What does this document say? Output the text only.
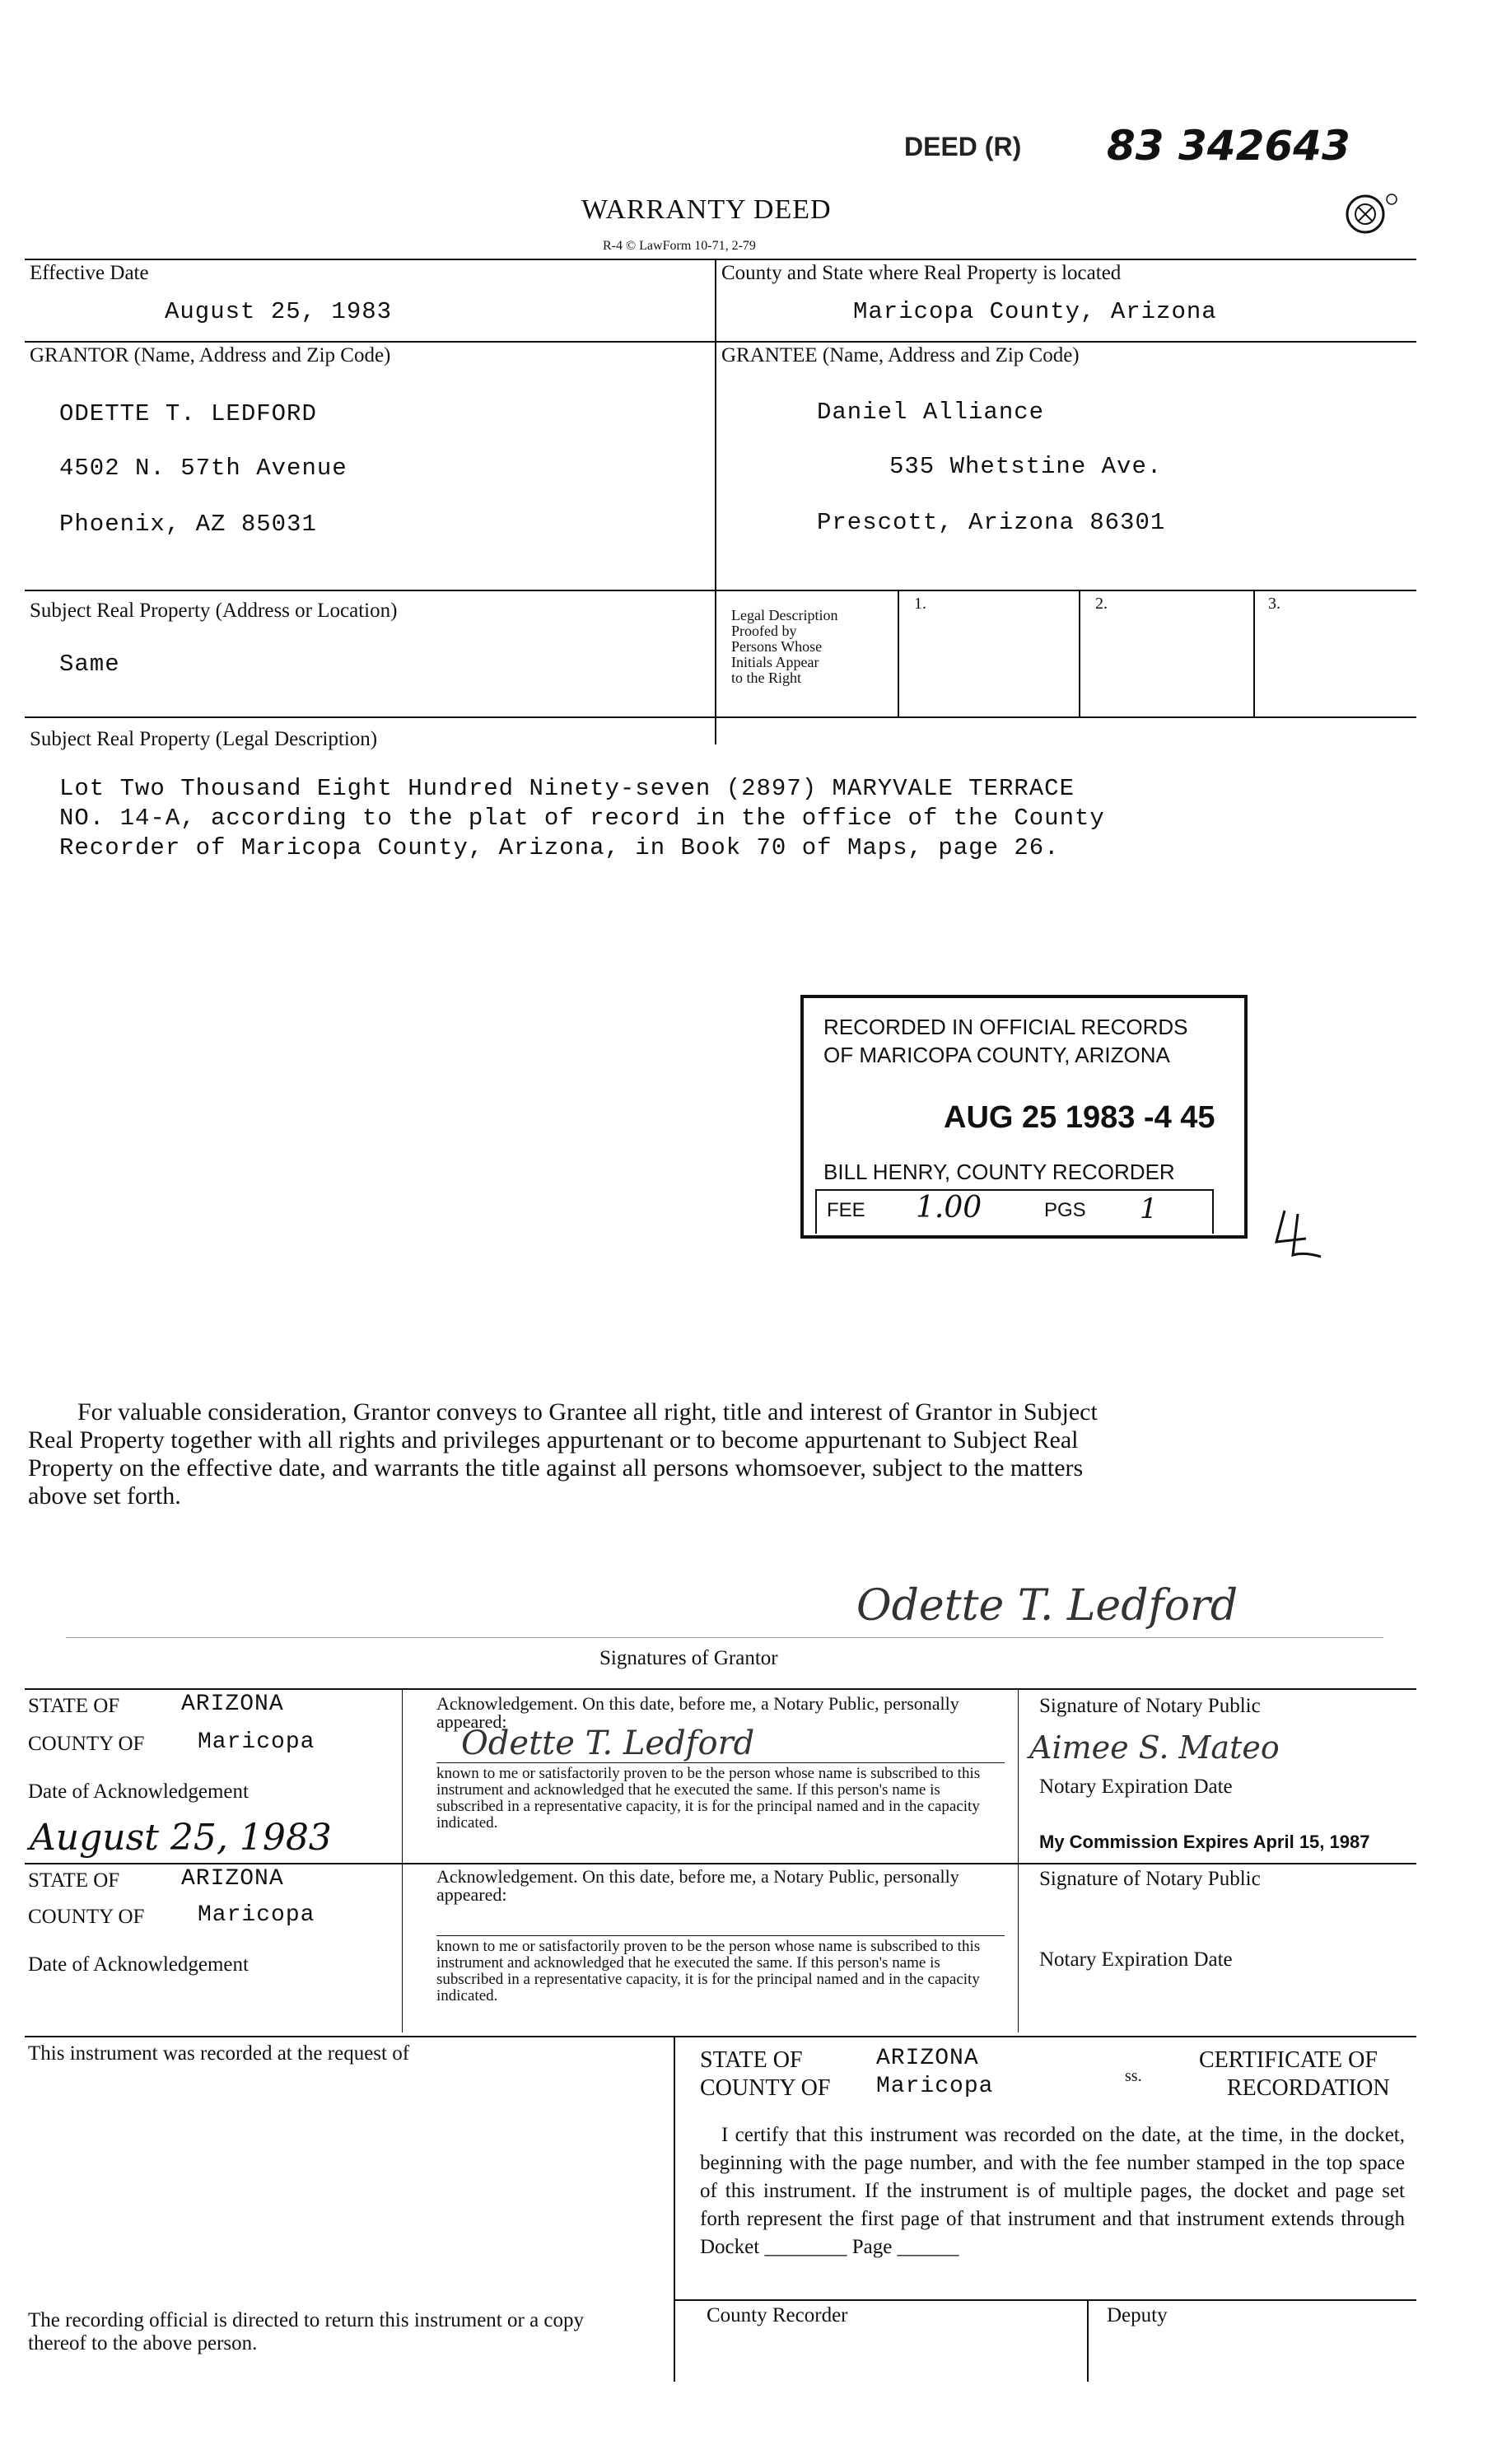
DEED (R) 83 342643
WARRANTY DEED
R-4 © LawForm 10-71, 2-79
Effective Date
August 25, 1983
County and State where Real Property is located
Maricopa County, Arizona
GRANTOR (Name, Address and Zip Code)
ODETTE T. LEDFORD
4502 N. 57th Avenue
Phoenix, AZ 85031
GRANTEE (Name, Address and Zip Code)
Daniel Alliance
535 Whetstine Ave.
Prescott, Arizona 86301
Subject Real Property (Address or Location)
Same
Legal Description
Proofed by
Persons Whose
Initials Appear
to the Right
1.	2.	3.
Subject Real Property (Legal Description)
Lot Two Thousand Eight Hundred Ninety-seven (2897) MARYVALE TERRACE
NO. 14-A, according to the plat of record in the office of the County
Recorder of Maricopa County, Arizona, in Book 70 of Maps, page 26.
RECORDED IN OFFICIAL RECORDS
OF MARICOPA COUNTY, ARIZONA
AUG 25 1983 -4 45
BILL HENRY, COUNTY RECORDER
FEE 1.00	PGS 1
For valuable consideration, Grantor conveys to Grantee all right, title and interest of Grantor in Subject
Real Property together with all rights and privileges appurtenant or to become appurtenant to Subject Real
Property on the effective date, and warrants the title against all persons whomsoever, subject to the matters
above set forth.
Odette T. Ledford
Signatures of Grantor
STATE OF	ARIZONA
COUNTY OF Maricopa
Date of Acknowledgement
August 25, 1983
Acknowledgement. On this date, before me, a Notary Public, personally appeared:
Odette T. Ledford
known to me or satisfactorily proven to be the person whose name is subscribed to this instrument and acknowledged that he executed the same. If this person's name is subscribed in a representative capacity, it is for the principal named and in the capacity indicated.
Signature of Notary Public
Aimee S. Mateo
Notary Expiration Date
My Commission Expires April 15, 1987
STATE OF	ARIZONA
COUNTY OF Maricopa
Date of Acknowledgement
Acknowledgement. On this date, before me, a Notary Public, personally appeared:
known to me or satisfactorily proven to be the person whose name is subscribed to this instrument and acknowledged that he executed the same. If this person's name is subscribed in a representative capacity, it is for the principal named and in the capacity indicated.
Signature of Notary Public
Notary Expiration Date
This instrument was recorded at the request of
The recording official is directed to return this instrument or a copy thereof to the above person.
STATE OF	ARIZONA
COUNTY OF Maricopa	ss.
CERTIFICATE OF
RECORDATION
I certify that this instrument was recorded on the date, at the time, in the docket, beginning with the page number, and with the fee number stamped in the top space of this instrument. If the instrument is of multiple pages, the docket and page set forth represent the first page of that instrument and that instrument extends through Docket ________ Page ______
County Recorder	Deputy
